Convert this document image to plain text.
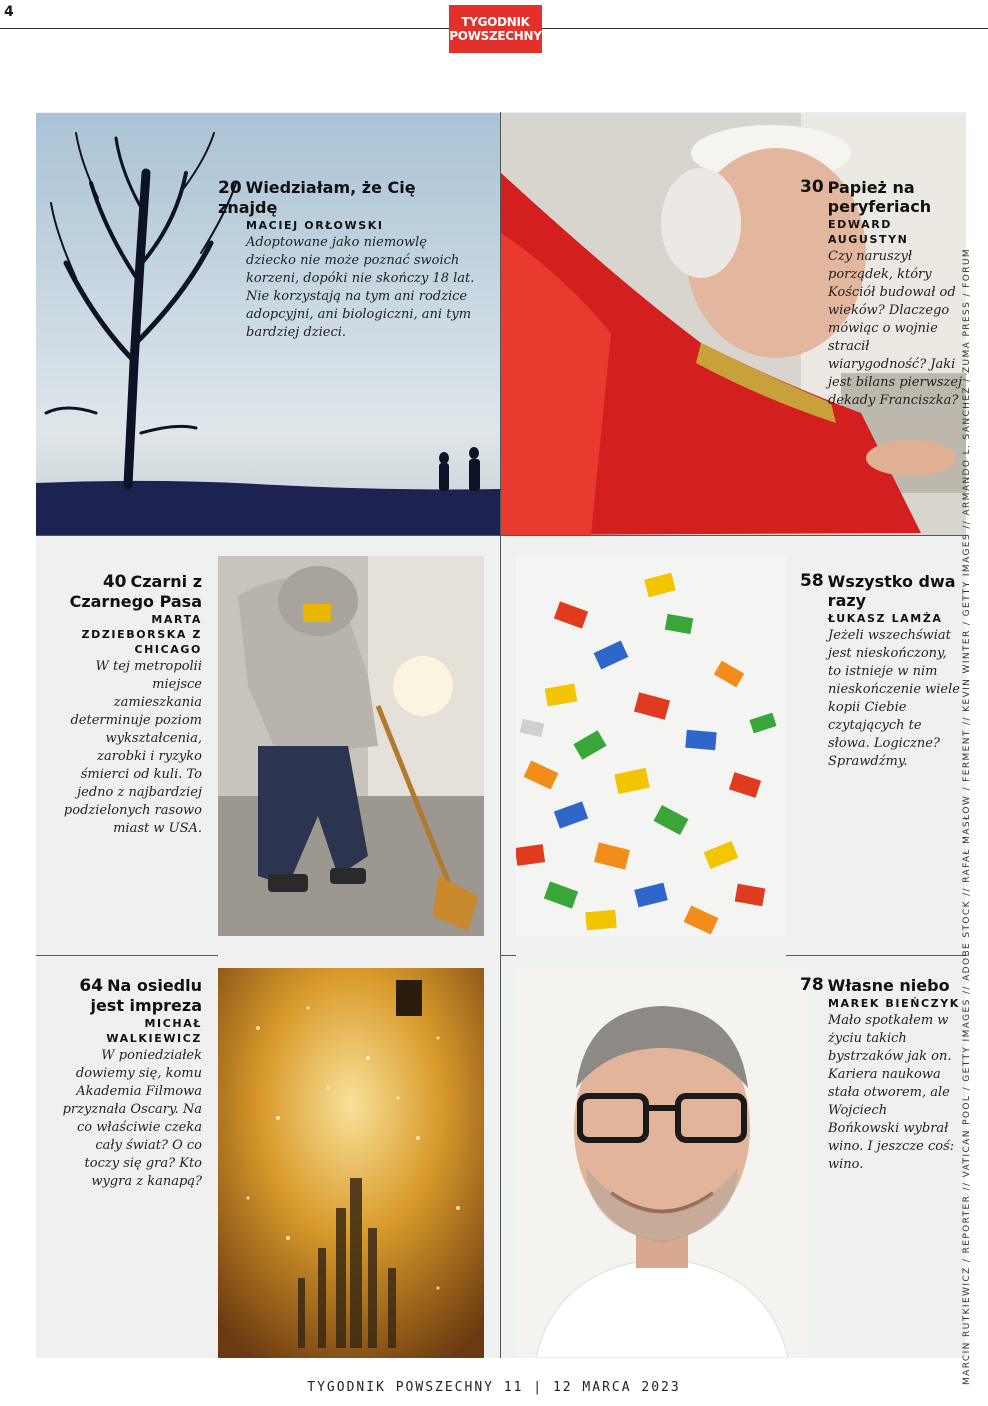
4
TYGODNIK
POWSZECHNY
20 Wiedziałam, że Cię znajdę
MACIEJ ORŁOWSKI
Adoptowane jako niemowlę dziecko nie może poznać swoich korzeni, dopóki nie skończy 18 lat. Nie korzystają na tym ani rodzice adopcyjni, ani biologiczni, ani tym bardziej dzieci.
30 Papież na peryferiach
EDWARD AUGUSTYN
Czy naruszył porządek, który Kościół budował od wieków? Dlaczego mówiąc o wojnie stracił wiarygodność? Jaki jest bilans pierwszej dekady Franciszka?
40 Czarni z Czarnego Pasa
MARTA ZDZIEBORSKA Z CHICAGO
W tej metropolii miejsce zamieszkania determinuje poziom wykształcenia, zarobki i ryzyko śmierci od kuli. To jedno z najbardziej podzielonych rasowo miast w USA.
58 Wszystko dwa razy
ŁUKASZ LAMŻA
Jeżeli wszechświat jest nieskończony, to istnieje w nim nieskończenie wiele kopii Ciebie czytających te słowa. Logiczne? Sprawdźmy.
64 Na osiedlu jest impreza
MICHAŁ WALKIEWICZ
W poniedziałek dowiemy się, komu Akademia Filmowa przyznała Oscary. Na co właściwie czeka cały świat? O co toczy się gra? Kto wygra z kanapą?
78 Własne niebo
MAREK BIEŃCZYK
Mało spotkałem w życiu takich bystrzaków jak on. Kariera naukowa stała otworem, ale Wojciech Bońkowski wybrał wino. I jeszcze coś: wino.	MARCIN RUTKIEWICZ / REPORTER // VATICAN POOL / GETTY IMAGES // ADOBE STOCK // RAFAŁ MASŁOW / FERMENT // KEVIN WINTER / GETTY IMAGES // ARMANDO L. SANCHEZ / ZUMA PRESS / FORUM
TYGODNIK POWSZECHNY 11 | 12 MARCA 2023
